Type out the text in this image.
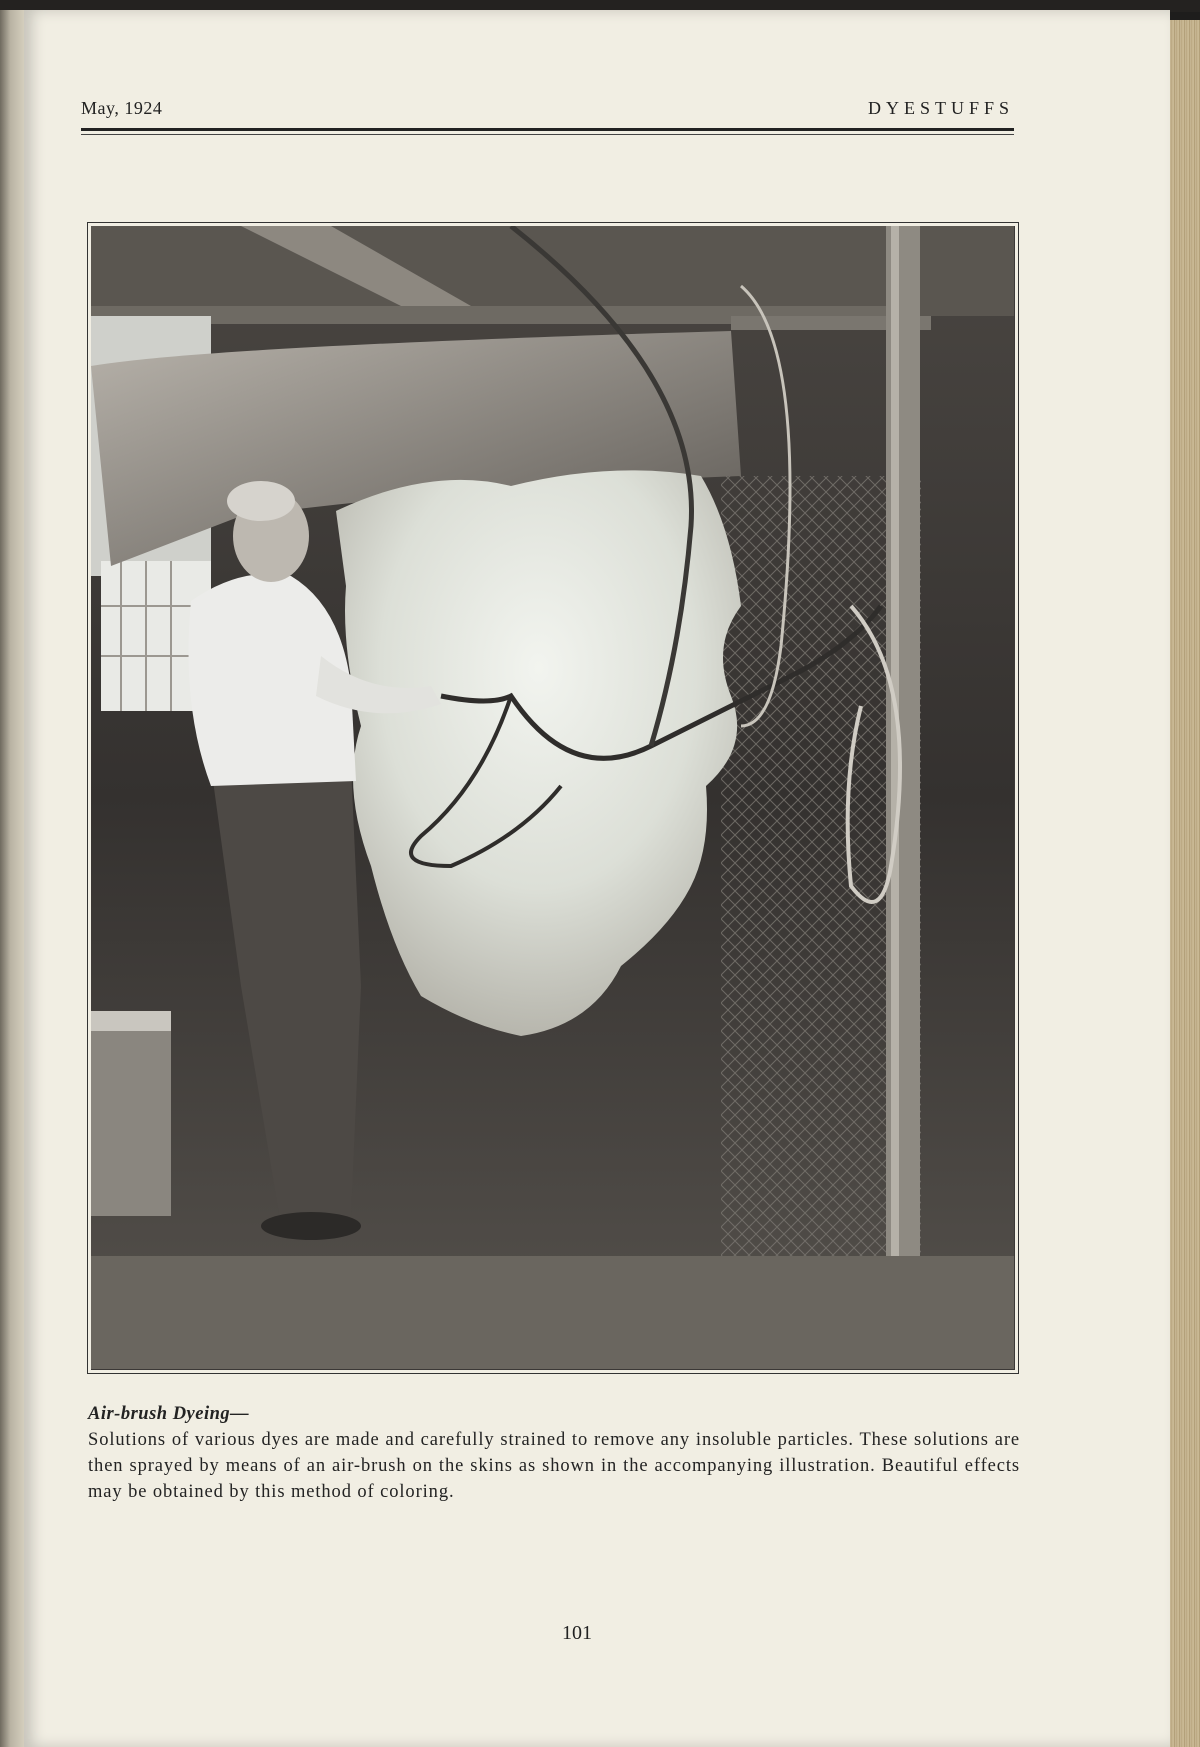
May, 1924	DYESTUFFS
Air-brush Dyeing—
Solutions of various dyes are made and carefully strained to remove any insoluble particles. These solutions are then sprayed by means of an air-brush on the skins as shown in the accompanying illustration. Beautiful effects may be obtained by this method of coloring.
101
